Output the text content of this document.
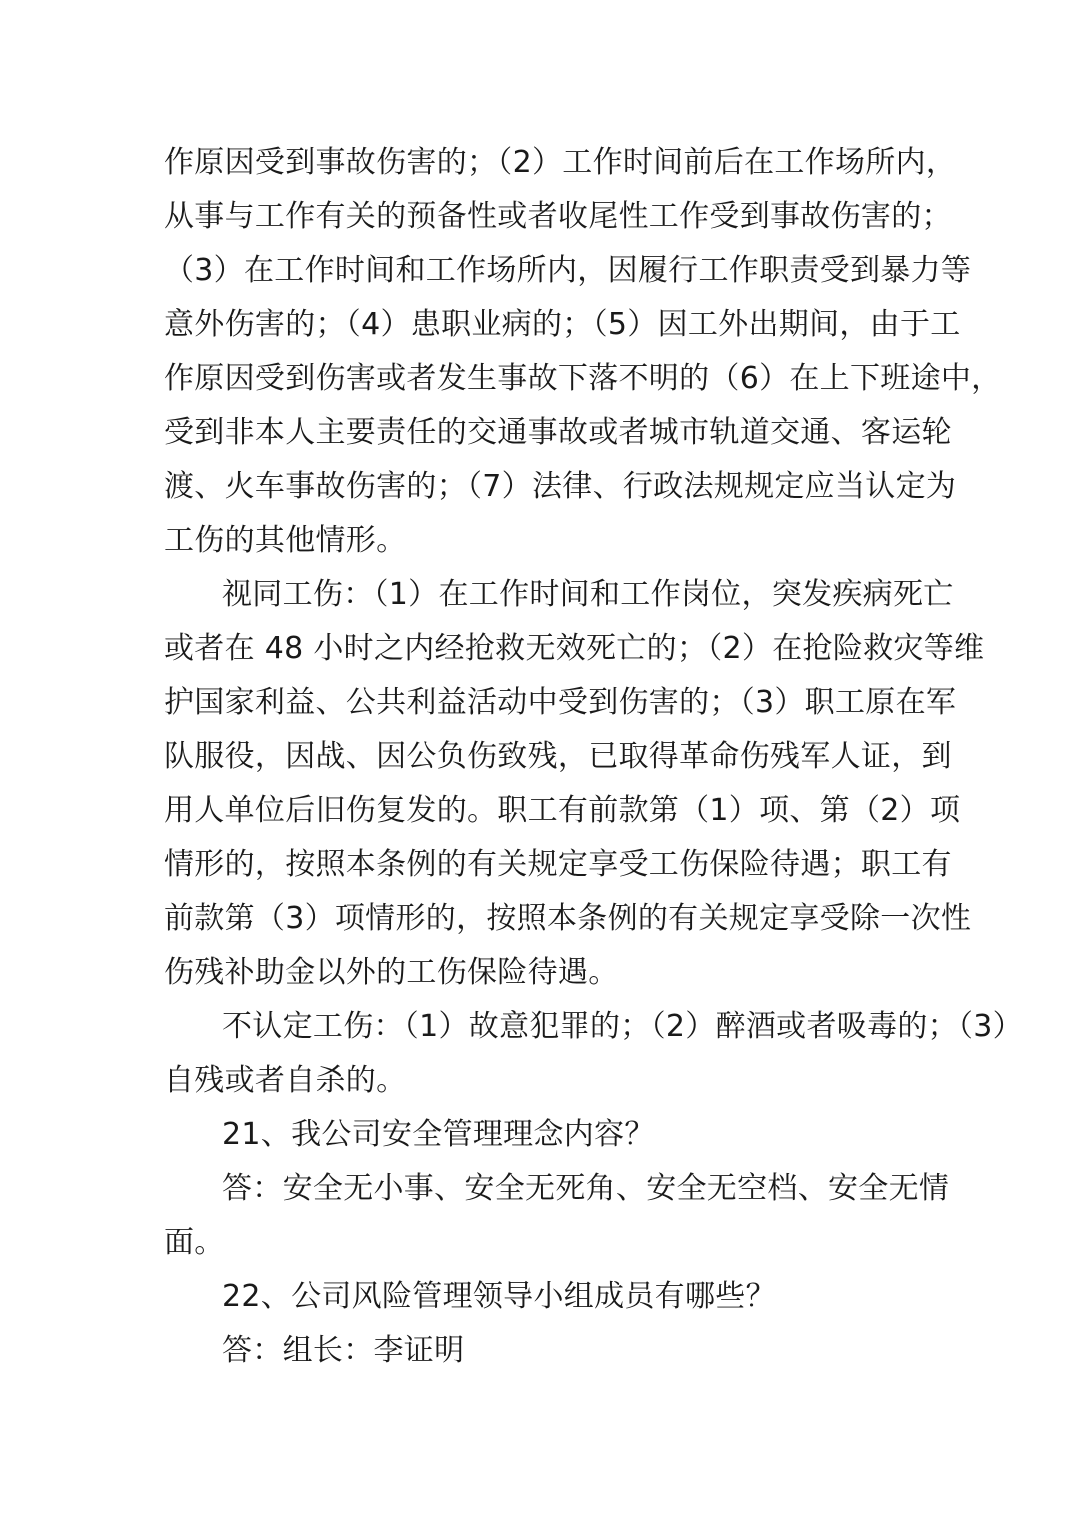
作原因受到事故伤害的；（2）工作时间前后在工作场所内，
从事与工作有关的预备性或者收尾性工作受到事故伤害的；
（3）在工作时间和工作场所内，因履行工作职责受到暴力等
意外伤害的；（4）患职业病的；（5）因工外出期间，由于工
作原因受到伤害或者发生事故下落不明的（6）在上下班途中，
受到非本人主要责任的交通事故或者城市轨道交通、客运轮
渡、火车事故伤害的；（7）法律、行政法规规定应当认定为
工伤的其他情形。
视同工伤：（1）在工作时间和工作岗位，突发疾病死亡
或者在 48 小时之内经抢救无效死亡的；（2）在抢险救灾等维
护国家利益、公共利益活动中受到伤害的；（3）职工原在军
队服役，因战、因公负伤致残，已取得革命伤残军人证，到
用人单位后旧伤复发的。职工有前款第（1）项、第（2）项
情形的，按照本条例的有关规定享受工伤保险待遇；职工有
前款第（3）项情形的，按照本条例的有关规定享受除一次性
伤残补助金以外的工伤保险待遇。
不认定工伤：（1）故意犯罪的；（2）醉酒或者吸毒的；（3）
自残或者自杀的。
21、我公司安全管理理念内容？
答：安全无小事、安全无死角、安全无空档、安全无情
面。
22、公司风险管理领导小组成员有哪些？
答：组长：李证明
